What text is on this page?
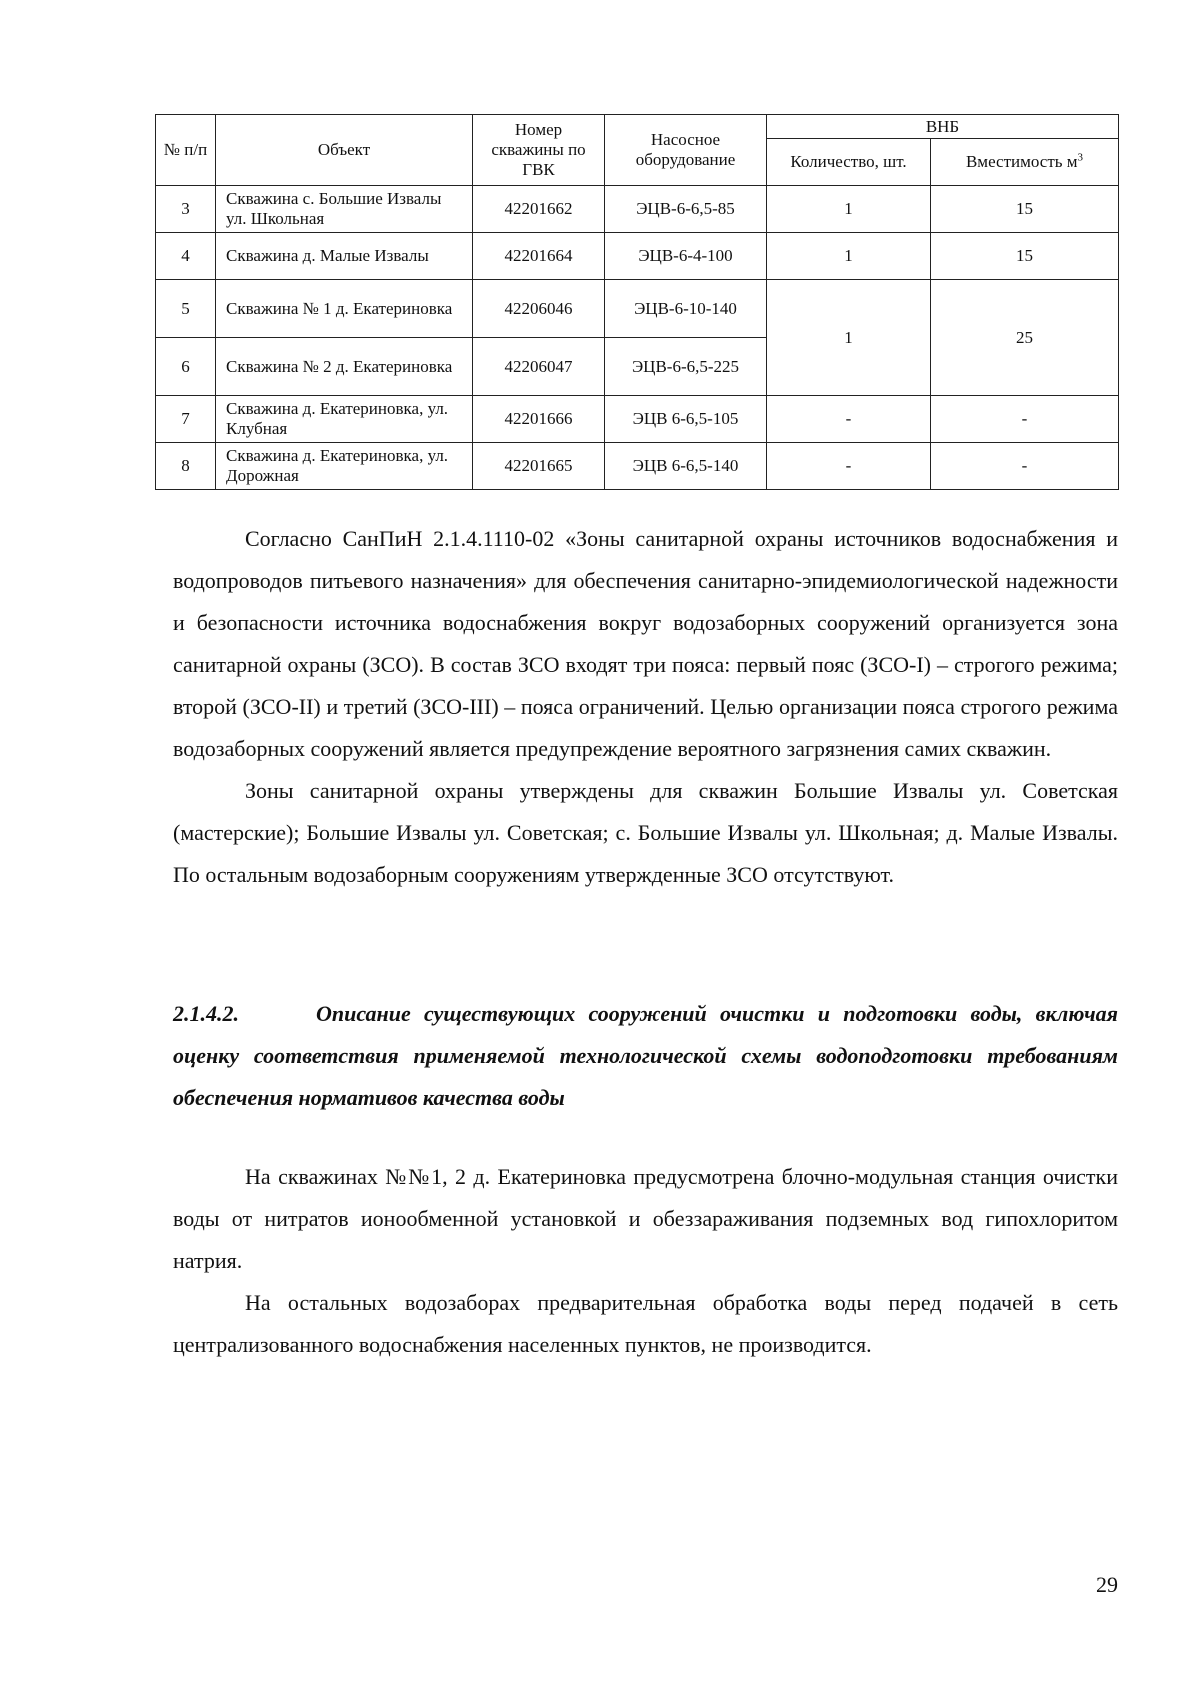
№ п/п	Объект	Номер скважины по ГВК	Насосное оборудование	ВНБ	
				Количество, шт.	Вместимость $м^3$
3	Скважина с. Большие Извалы ул. Школьная	42201662	ЭЦВ-6-6,5-85	1	15
4	Скважина д. Малые Извалы	42201664	ЭЦВ-6-4-100	1	15
5	Скважина № 1 д. Екатериновка	42206046	ЭЦВ-6-10-140	1	25
6	Скважина № 2 д. Екатериновка	42206047	ЭЦВ-6-6,5-225		
7	Скважина д. Екатериновка, ул. Клубная	42201666	ЭЦВ 6-6,5-105	-	-
8	Скважина д. Екатериновка, ул. Дорожная	42201665	ЭЦВ 6-6,5-140	-	-

Согласно СанПиН 2.1.4.1110-02 «Зоны санитарной охраны источников водоснабжения и водопроводов питьевого назначения» для обеспечения санитарно-эпидемиологической надежности и безопасности источника водоснабжения вокруг водозаборных сооружений организуется зона санитарной охраны (ЗСО). В состав ЗСО входят три пояса: первый пояс (ЗСО-I) – строгого режима; второй (ЗСО-II) и третий (ЗСО-III) – пояса ограничений. Целью организации пояса строгого режима водозаборных сооружений является предупреждение вероятного загрязнения самих скважин.

Зоны санитарной охраны утверждены для скважин Большие Извалы ул. Советская (мастерские); Большие Извалы ул. Советская; с. Большие Извалы ул. Школьная; д. Малые Извалы. По остальным водозаборным сооружениям утвержденные ЗСО отсутствуют.

2.1.4.2.	Описание существующих сооружений очистки и подготовки воды, включая оценку соответствия применяемой технологической схемы водоподготовки требованиям обеспечения нормативов качества воды

На скважинах №№1, 2 д. Екатериновка предусмотрена блочно-модульная станция очистки воды от нитратов ионообменной установкой и обеззараживания подземных вод гипохлоритом натрия.

На остальных водозаборах предварительная обработка воды перед подачей в сеть централизованного водоснабжения населенных пунктов, не производится.

29
